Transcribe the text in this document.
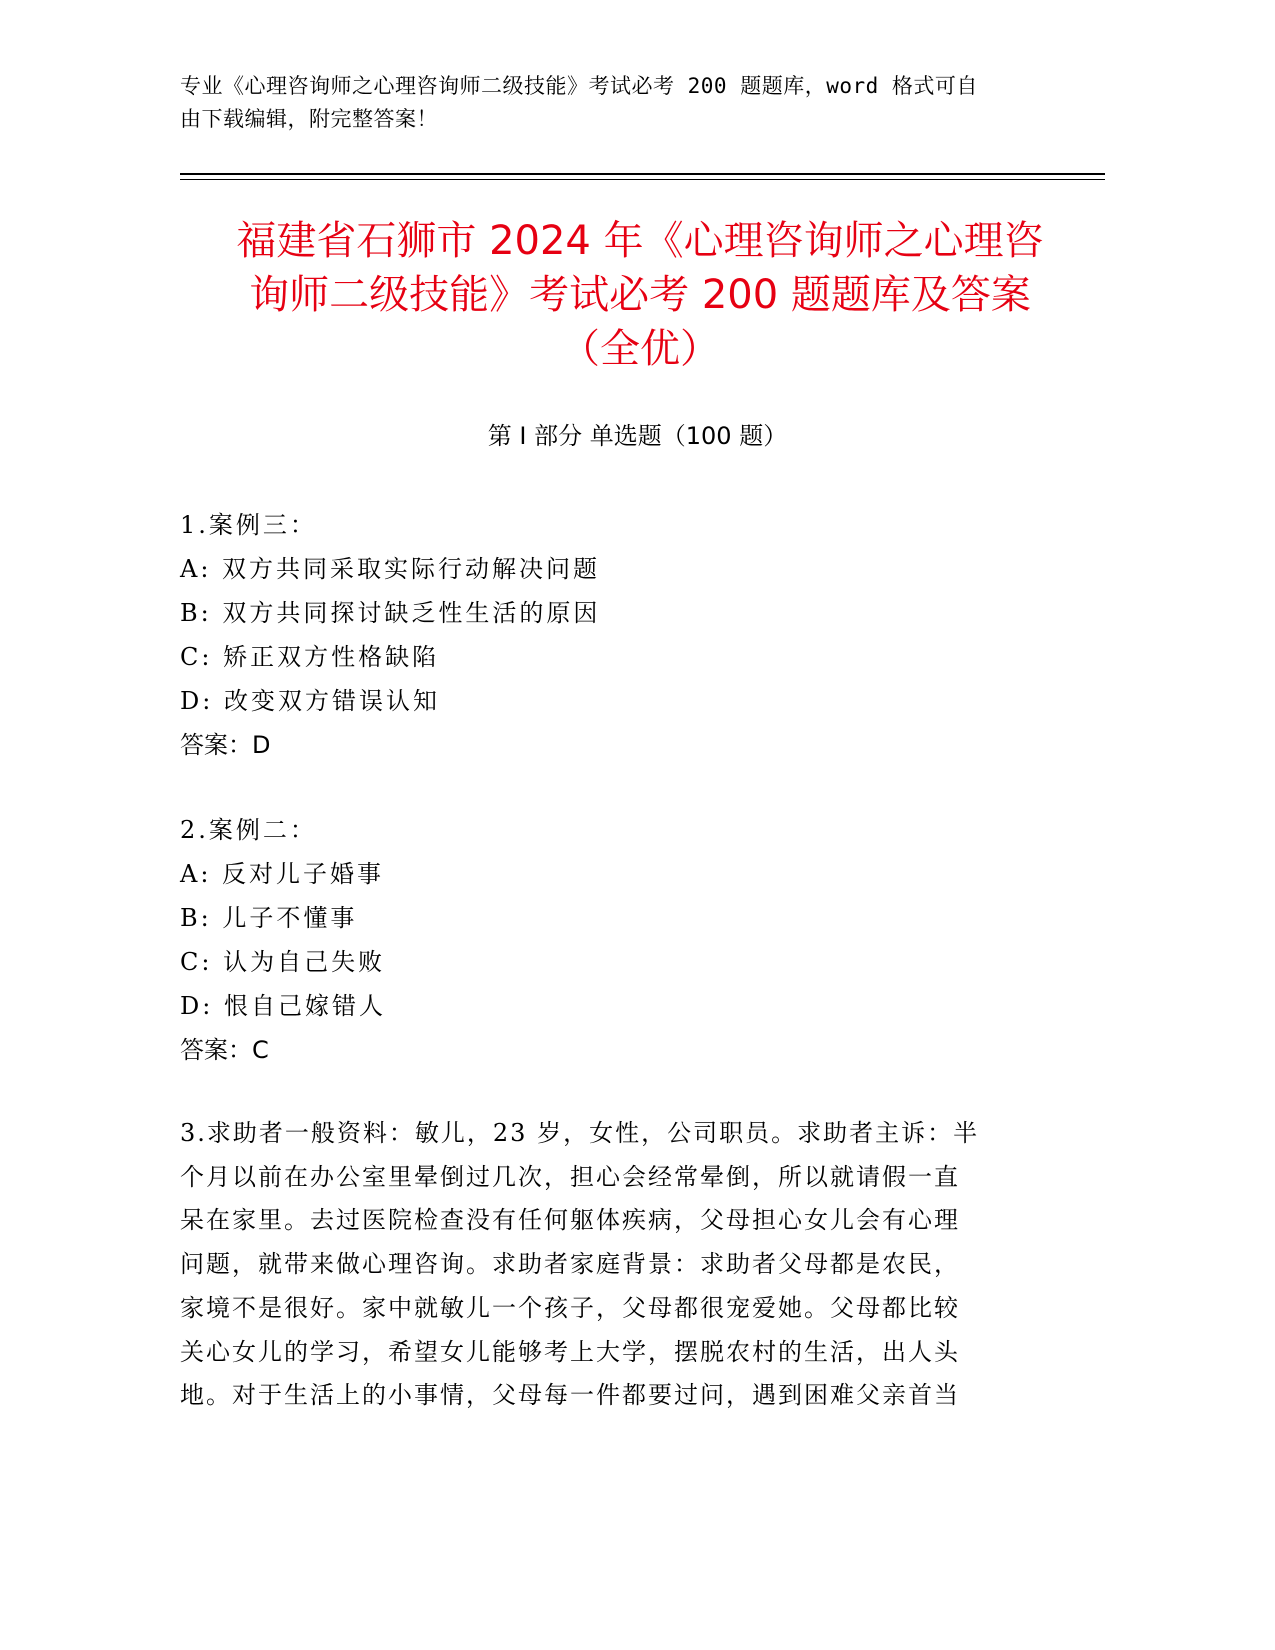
专业《心理咨询师之心理咨询师二级技能》考试必考 200 题题库，word 格式可自
由下载编辑，附完整答案！
福建省石狮市 2024 年《心理咨询师之心理咨
询师二级技能》考试必考 200 题题库及答案
（全优）
第 I 部分 单选题（100 题）
1.案例三：
A: 双方共同采取实际行动解决问题
B: 双方共同探讨缺乏性生活的原因
C: 矫正双方性格缺陷
D: 改变双方错误认知
答案：D
2.案例二：
A: 反对儿子婚事
B: 儿子不懂事
C: 认为自己失败
D: 恨自己嫁错人
答案：C

3.求助者一般资料：敏儿，23 岁，女性，公司职员。求助者主诉：半
个月以前在办公室里晕倒过几次，担心会经常晕倒，所以就请假一直
呆在家里。去过医院检查没有任何躯体疾病，父母担心女儿会有心理
问题，就带来做心理咨询。求助者家庭背景：求助者父母都是农民，
家境不是很好。家中就敏儿一个孩子，父母都很宠爱她。父母都比较
关心女儿的学习，希望女儿能够考上大学，摆脱农村的生活，出人头
地。对于生活上的小事情，父母每一件都要过问，遇到困难父亲首当
